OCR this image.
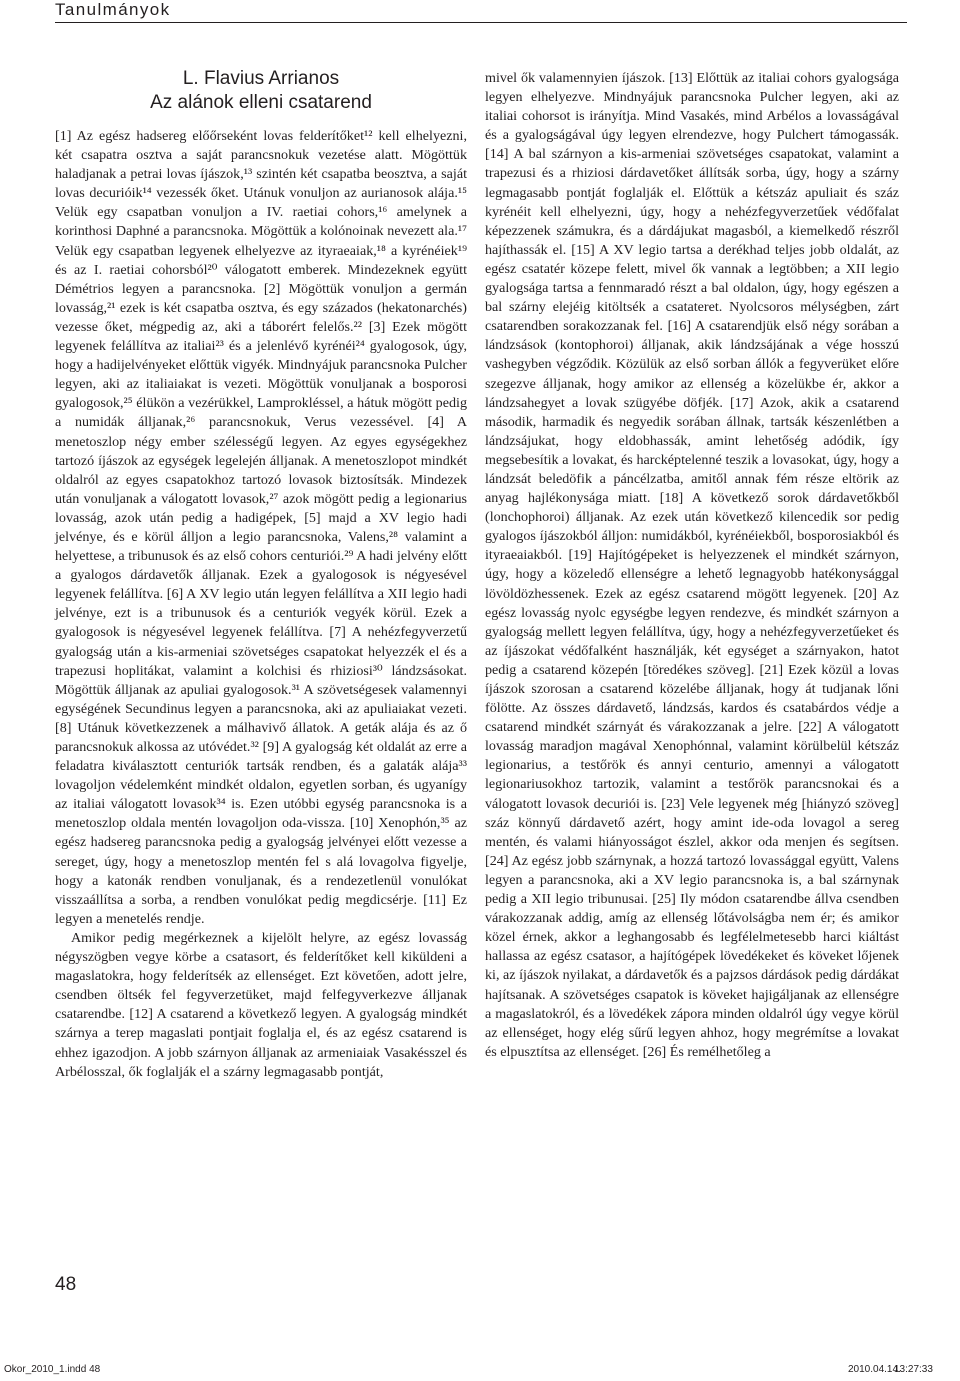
Tanulmányok
L. Flavius Arrianos
Az alánok elleni csatarend

[1] Az egész hadsereg előőrseként lovas felderítőket¹² kell elhelyezni, két csapatra osztva a saját parancsnokuk vezetése alatt. Mögöttük haladjanak a petrai lovas íjászok,¹³ szintén két csapatba beosztva, a saját lovas decurióik¹⁴ vezessék őket. Utánuk vonuljon az aurianosok alája.¹⁵ Velük egy csapatban vonuljon a IV. raetiai cohors,¹⁶ amelynek a korinthosi Daphné a parancsnoka. Mögöttük a kolónoinak nevezett ala.¹⁷ Velük egy csapatban legyenek elhelyezve az ityraeaiak,¹⁸ a kyrénéiek¹⁹ és az I. raetiai cohorsból²⁰ válogatott emberek. Mindezeknek együtt Démétrios legyen a parancsnoka. [2] Mögöttük vonuljon a germán lovasság,²¹ ezek is két csapatba osztva, és egy százados (hekatonarchés) vezesse őket, mégpedig az, aki a táborért felelős.²² [3] Ezek mögött legyenek felállítva az italiai²³ és a jelenlévő kyrénéi²⁴ gyalogosok, úgy, hogy a hadijelvényeket előttük vigyék. Mindnyájuk parancsnoka Pulcher legyen, aki az italiaiakat is vezeti. Mögöttük vonuljanak a bosporosi gyalogosok,²⁵ élükön a vezérükkel, Lamprokléssel, a hátuk mögött pedig a numidák álljanak,²⁶ parancsnokuk, Verus vezessével. [4] A menetoszlop négy ember szélességű legyen. Az egyes egységekhez tartozó íjászok az egységek legelején álljanak. A menetoszlopot mindkét oldalról az egyes csapatokhoz tartozó lovasok biztosítsák. Mindezek után vonuljanak a válogatott lovasok,²⁷ azok mögött pedig a legionarius lovasság, azok után pedig a hadigépek, [5] majd a XV legio hadi jelvénye, és e körül álljon a legio parancsnoka, Valens,²⁸ valamint a helyettese, a tribunusok és az első cohors centuriói.²⁹ A hadi jelvény előtt a gyalogos dárdavetők álljanak. Ezek a gyalogosok is négyesével legyenek felállítva. [6] A XV legio után legyen felállítva a XII legio hadi jelvénye, ezt is a tribunusok és a centuriók vegyék körül. Ezek a gyalogosok is négyesével legyenek felállítva. [7] A nehézfegyverzetű gyalogság után a kis-armeniai szövetséges csapatokat helyezzék el és a trapezusi hoplitákat, valamint a kolchisi és rhiziosi³⁰ lándzsásokat. Mögöttük álljanak az apuliai gyalogosok.³¹ A szövetségesek valamennyi egységének Secundinus legyen a parancsnoka, aki az apuliaiakat vezeti. [8] Utánuk következzenek a málhavivő állatok. A geták alája és az ő parancsnokuk alkossa az utóvédet.³² [9] A gyalogság két oldalát az erre a feladatra kiválasztott centuriók tartsák rendben, és a galaták alája³³ lovagoljon védelemként mindkét oldalon, egyetlen sorban, és ugyanígy az italiai válogatott lovasok³⁴ is. Ezen utóbbi egység parancsnoka is a menetoszlop oldala mentén lovagoljon oda-vissza. [10] Xenophón,³⁵ az egész hadsereg parancsnoka pedig a gyalogság jelvényei előtt vezesse a sereget, úgy, hogy a menetoszlop mentén fel s alá lovagolva figyelje, hogy a katonák rendben vonuljanak, és a rendezetlenül vonulókat visszaállítsa a sorba, a rendben vonulókat pedig megdicsérje. [11] Ez legyen a menetelés rendje.

Amikor pedig megérkeznek a kijelölt helyre, az egész lovasság négyszögben vegye körbe a csatasort, és felderítőket kell kiküldeni a magaslatokra, hogy felderítsék az ellenséget. Ezt követően, adott jelre, csendben öltsék fel fegyverzetüket, majd felfegyverkezve álljanak csatarendbe. [12] A csatarend a következő legyen. A gyalogság mindkét szárnya a terep magaslati pontjait foglalja el, és az egész csatarend is ehhez igazodjon. A jobb szárnyon álljanak az armeniaiak Vasakésszel és Arbélosszal, ők foglalják el a szárny legmagasabb pontját,

mivel ők valamennyien íjászok. [13] Előttük az italiai cohors gyalogsága legyen elhelyezve. Mindnyájuk parancsnoka Pulcher legyen, aki az italiai cohorsot is irányítja. Mind Vasakés, mind Arbélos a lovasságával és a gyalogságával úgy legyen elrendezve, hogy Pulchert támogassák. [14] A bal szárnyon a kis-armeniai szövetséges csapatokat, valamint a trapezusi és a rhiziosi dárdavetőket állítsák sorba, úgy, hogy a szárny legmagasabb pontját foglalják el. Előttük a kétszáz apuliait és száz kyrénéit kell elhelyezni, úgy, hogy a nehézfegyverzetűek védőfalat képezzenek számukra, és a dárdájukat magasból, a kiemelkedő részről hajíthassák el. [15] A XV legio tartsa a derékhad teljes jobb oldalát, az egész csatatér közepe felett, mivel ők vannak a legtöbben; a XII legio gyalogsága tartsa a fennmaradó részt a bal oldalon, úgy, hogy egészen a bal szárny elejéig kitöltsék a csatateret. Nyolcsoros mélységben, zárt csatarendben sorakozzanak fel. [16] A csatarendjük első négy sorában a lándzsások (kontophoroi) álljanak, akik lándzsájának a vége hosszú vashegyben végződik. Közülük az első sorban állók a fegyverüket előre szegezve álljanak, hogy amikor az ellenség a közelükbe ér, akkor a lándzsahegyet a lovak szügyébe döfjék. [17] Azok, akik a csatarend második, harmadik és negyedik sorában állnak, tartsák készenlétben a lándzsájukat, hogy eldobhassák, amint lehetőség adódik, így megsebesítik a lovakat, és harcképtelenné teszik a lovasokat, úgy, hogy a lándzsát beledöfik a páncélzatba, amitől annak fém része eltörik az anyag hajlékonysága miatt. [18] A következő sorok dárdavetőkből (lonchophoroi) álljanak. Az ezek után következő kilencedik sor pedig gyalogos íjászokból álljon: numidákból, kyrénéiekből, bosporosiakból és ityraeaiakból. [19] Hajítógépeket is helyezzenek el mindkét szárnyon, úgy, hogy a közeledő ellenségre a lehető legnagyobb hatékonysággal lövöldözhessenek. Ezek az egész csatarend mögött legyenek. [20] Az egész lovasság nyolc egységbe legyen rendezve, és mindkét szárnyon a gyalogság mellett legyen felállítva, úgy, hogy a nehézfegyverzetűeket és az íjászokat védőfalként használják, két egységet a szárnyakon, hatot pedig a csatarend közepén [töredékes szöveg]. [21] Ezek közül a lovas íjászok szorosan a csatarend közelébe álljanak, hogy át tudjanak lőni fölötte. Az összes dárdavető, lándzsás, kardos és csatabárdos védje a csatarend mindkét szárnyát és várakozzanak a jelre. [22] A válogatott lovasság maradjon magával Xenophónnal, valamint körülbelül kétszáz legionarius, a testőrök és annyi centurio, amennyi a válogatott legionariusokhoz tartozik, valamint a testőrök parancsnokai és a válogatott lovasok decuriói is. [23] Vele legyenek még [hiányzó szöveg] száz könnyű dárdavető azért, hogy amint ide-oda lovagol a sereg mentén, és valami hiányosságot észlel, akkor oda menjen és segítsen. [24] Az egész jobb szárnynak, a hozzá tartozó lovassággal együtt, Valens legyen a parancsnoka, aki a XV legio parancsnoka is, a bal szárnynak pedig a XII legio tribunusai. [25] Ily módon csatarendbe állva csendben várakozzanak addig, amíg az ellenség lőtávolságba nem ér; és amikor közel érnek, akkor a leghangosabb és legfélelmetesebb harci kiáltást hallassa az egész csatasor, a hajítógépek lövedékeket és köveket lőjenek ki, az íjászok nyilakat, a dárdavetők és a pajzsos dárdások pedig dárdákat hajítsanak. A szövetséges csapatok is köveket hajigáljanak az ellenségre a magaslatokról, és a lövedékek zápora minden oldalról úgy vegye körül az ellenséget, hogy elég sűrű legyen ahhoz, hogy megrémítse a lovakat és elpusztítsa az ellenséget. [26] És remélhetőleg a

48
Okor_2010_1.indd 48	2010.04.14.
13:27:33
